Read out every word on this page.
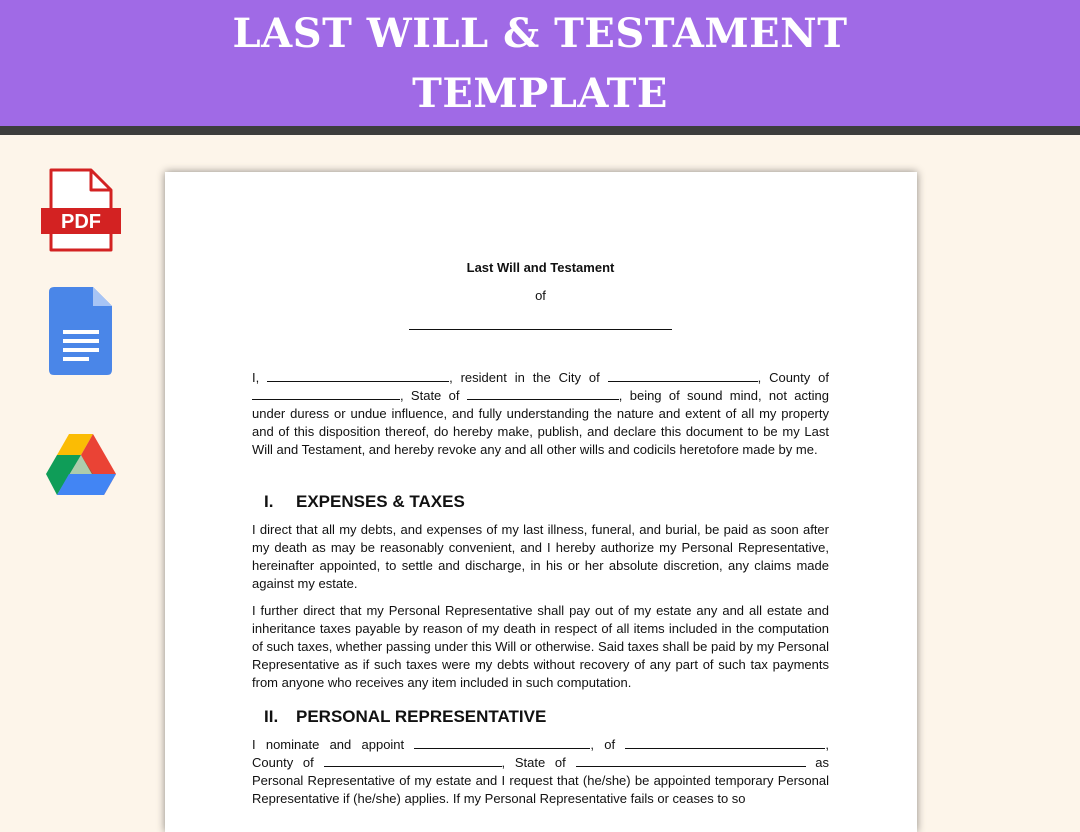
LAST WILL & TESTAMENT
TEMPLATE
PDF
Last Will and Testament
of

I,	, resident in the City of	, County of , State of	, being of sound mind, not acting under duress or undue influence, and fully understanding the nature and extent of all my property and of this disposition thereof, do hereby make, publish, and declare this document to be my Last Will and Testament, and hereby revoke any and all other wills and codicils heretofore made by me.

I. EXPENSES & TAXES

I direct that all my debts, and expenses of my last illness, funeral, and burial, be paid as soon after my death as may be reasonably convenient, and I hereby authorize my Personal Representative, hereinafter appointed, to settle and discharge, in his or her absolute discretion, any claims made against my estate.

I further direct that my Personal Representative shall pay out of my estate any and all estate and inheritance taxes payable by reason of my death in respect of all items included in the computation of such taxes, whether passing under this Will or otherwise. Said taxes shall be paid by my Personal Representative as if such taxes were my debts without recovery of any part of such tax payments from anyone who receives any item included in such computation.

II. PERSONAL REPRESENTATIVE

I nominate and appoint	, of	, County of	, State of	as Personal Representative of my estate and I request that (he/she) be appointed temporary Personal Representative if (he/she) applies. If my Personal Representative fails or ceases to so
